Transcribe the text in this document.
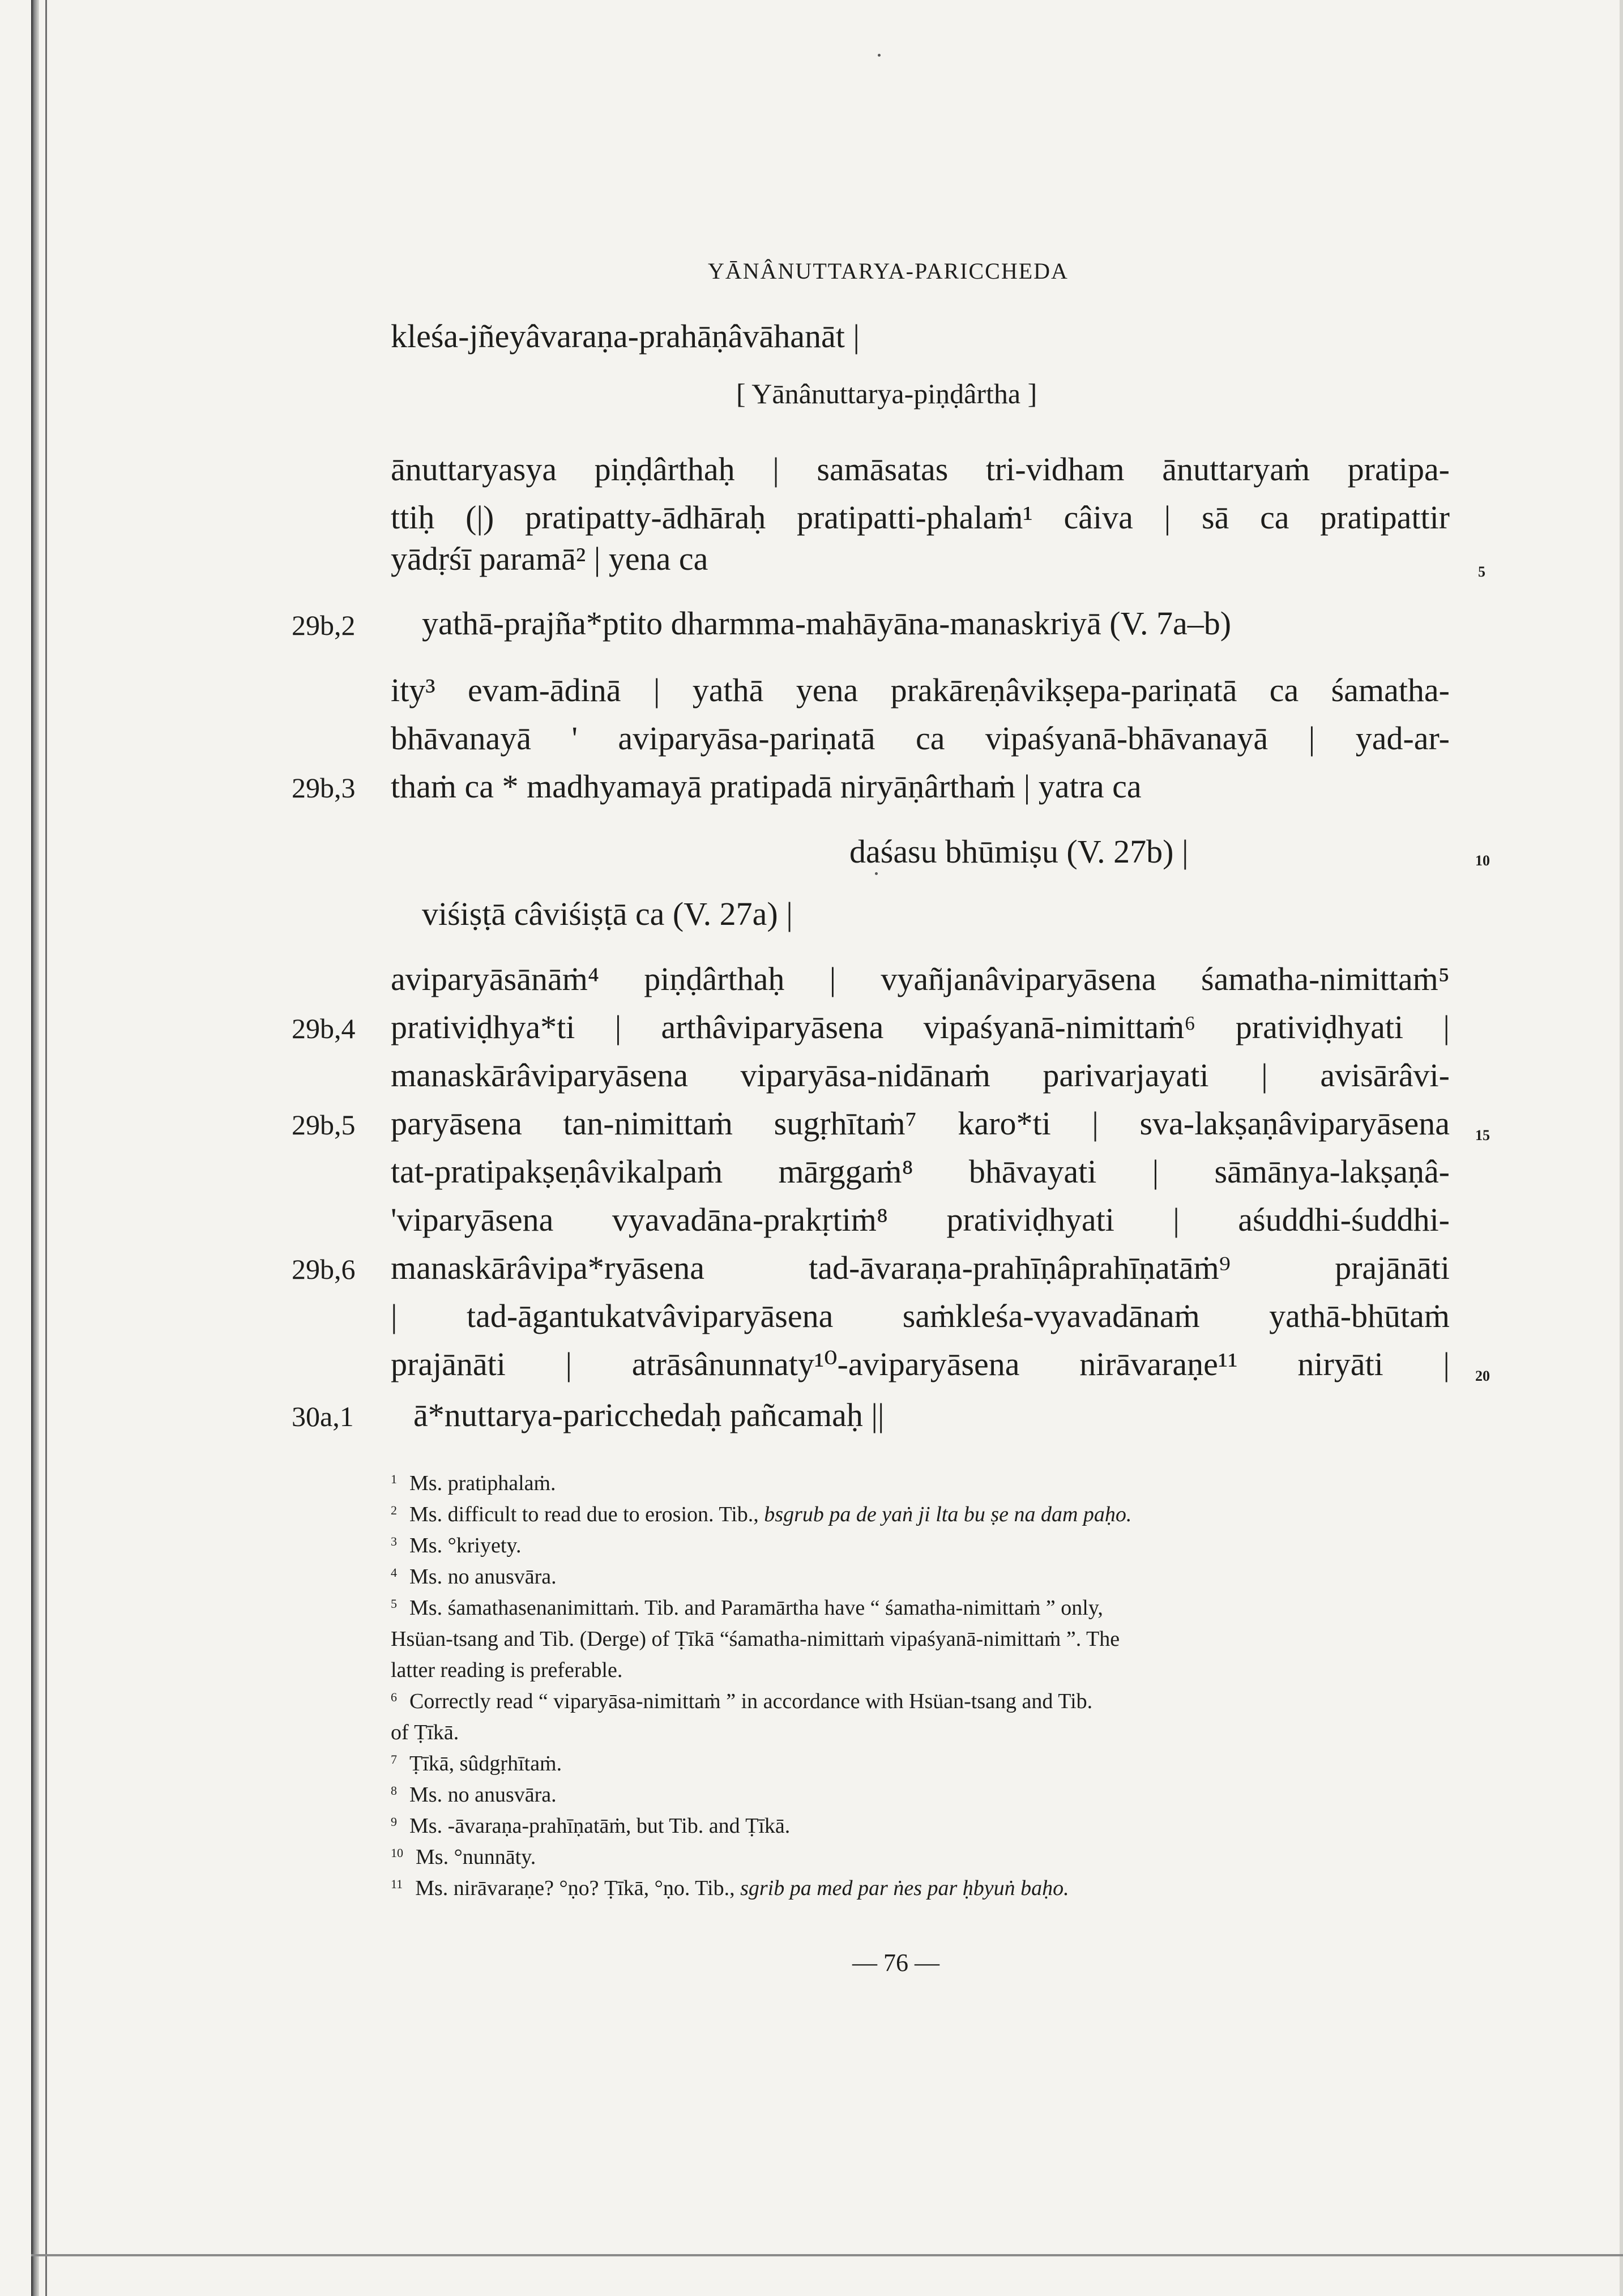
YĀNÂNUTTARYA-PARICCHEDA
kleśa-jñeyâvaraṇa-prahāṇâvāhanāt |
[ Yānânuttarya-piṇḍârtha ]
ānuttaryasya piṇḍârthaḥ | samāsatas tri-vidham ānuttaryaṁ pratipa-
ttiḥ (|) pratipatty-ādhāraḥ pratipatti-phalaṁ¹ câiva | sā ca pratipattir
yādṛśī paramā² | yena ca
yathā-prajña*ptito dharmma-mahāyāna-manaskriyā (V. 7a–b)
ity³ evam-ādinā | yathā yena prakāreṇâvikṣepa-pariṇatā ca śamatha-
bhāvanayā ' aviparyāsa-pariṇatā ca vipaśyanā-bhāvanayā | yad-ar-
thaṁ ca * madhyamayā pratipadā niryāṇârthaṁ | yatra ca
daśasu bhūmiṣu (V. 27b) |
viśiṣṭā câviśiṣṭā ca (V. 27a) |
aviparyāsānāṁ⁴ piṇḍârthaḥ | vyañjanâviparyāsena śamatha-nimittaṁ⁵
prativiḍhya*ti | arthâviparyāsena vipaśyanā-nimittaṁ⁶ prativiḍhyati |
manaskārâviparyāsena viparyāsa-nidānaṁ parivarjayati | avisārâvi-
paryāsena tan-nimittaṁ sugṛhītaṁ⁷ karo*ti | sva-lakṣaṇâviparyāsena
tat-pratipakṣeṇâvikalpaṁ mārggaṁ⁸ bhāvayati | sāmānya-lakṣaṇâ-
'viparyāsena vyavadāna-prakṛtiṁ⁸ prativiḍhyati | aśuddhi-śuddhi-
manaskārâvipa*ryāsena tad-āvaraṇa-prahīṇâprahīṇatāṁ⁹ prajānāti
| tad-āgantukatvâviparyāsena saṁkleśa-vyavadānaṁ yathā-bhūtaṁ
prajānāti | atrāsânunnaty¹⁰-aviparyāsena nirāvaraṇe¹¹ niryāti |
ā*nuttarya-paricchedaḥ pañcamaḥ ||
29b,2
29b,3
29b,4
29b,5
29b,6
30a,1
5
10
15
20
$^1$ Ms. pratiphalaṁ.
$^2$ Ms. difficult to read due to erosion. Tib., bsgrub pa de yaṅ ji lta bu ṣe na dam paḥo.
$^3$ Ms. °kriyety.
$^4$ Ms. no anusvāra.
$^5$ Ms. śamathasenanimittaṁ. Tib. and Paramārtha have “ śamatha-nimittaṁ ” only,
Hsüan-tsang and Tib. (Derge) of Ṭīkā “śamatha-nimittaṁ vipaśyanā-nimittaṁ ”. The
latter reading is preferable.
$^6$ Correctly read “ viparyāsa-nimittaṁ ” in accordance with Hsüan-tsang and Tib.
of Ṭīkā.
$^7$ Ṭīkā, sûdgṛhītaṁ.
$^8$ Ms. no anusvāra.
$^9$ Ms. -āvaraṇa-prahīṇatāṁ, but Tib. and Ṭīkā.
$^{10}$ Ms. °nunnāty.
$^{11}$ Ms. nirāvaraṇe? °ṇo? Ṭīkā, °ṇo. Tib., sgrib pa med par ṅes par ḥbyuṅ baḥo.
— 76 —
